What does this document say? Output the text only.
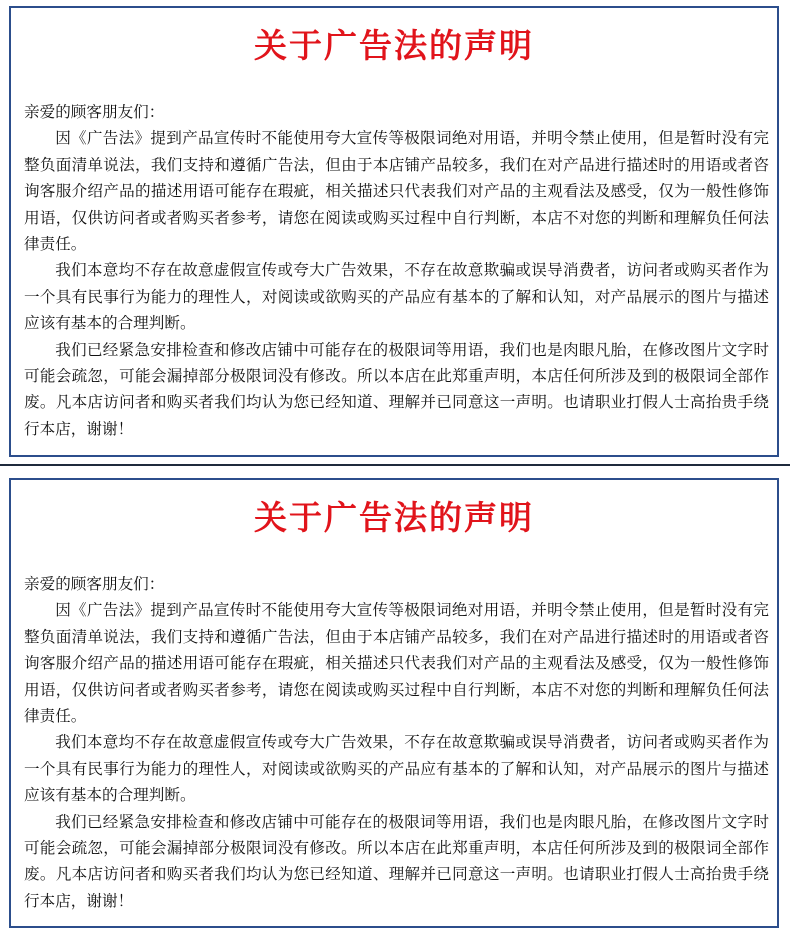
关于广告法的声明

亲爱的顾客朋友们：

因《广告法》提到产品宣传时不能使用夸大宣传等极限词绝对用语，并明令禁止使用，但是暂时没有完整负面清单说法，我们支持和遵循广告法，但由于本店铺产品较多，我们在对产品进行描述时的用语或者咨询客服介绍产品的描述用语可能存在瑕疵，相关描述只代表我们对产品的主观看法及感受，仅为一般性修饰用语，仅供访问者或者购买者参考，请您在阅读或购买过程中自行判断，本店不对您的判断和理解负任何法律责任。

我们本意均不存在故意虚假宣传或夸大广告效果，不存在故意欺骗或误导消费者，访问者或购买者作为一个具有民事行为能力的理性人，对阅读或欲购买的产品应有基本的了解和认知，对产品展示的图片与描述应该有基本的合理判断。

我们已经紧急安排检查和修改店铺中可能存在的极限词等用语，我们也是肉眼凡胎，在修改图片文字时可能会疏忽，可能会漏掉部分极限词没有修改。所以本店在此郑重声明，本店任何所涉及到的极限词全部作废。凡本店访问者和购买者我们均认为您已经知道、理解并已同意这一声明。也请职业打假人士高抬贵手绕行本店，谢谢！

关于广告法的声明

亲爱的顾客朋友们：

因《广告法》提到产品宣传时不能使用夸大宣传等极限词绝对用语，并明令禁止使用，但是暂时没有完整负面清单说法，我们支持和遵循广告法，但由于本店铺产品较多，我们在对产品进行描述时的用语或者咨询客服介绍产品的描述用语可能存在瑕疵，相关描述只代表我们对产品的主观看法及感受，仅为一般性修饰用语，仅供访问者或者购买者参考，请您在阅读或购买过程中自行判断，本店不对您的判断和理解负任何法律责任。

我们本意均不存在故意虚假宣传或夸大广告效果，不存在故意欺骗或误导消费者，访问者或购买者作为一个具有民事行为能力的理性人，对阅读或欲购买的产品应有基本的了解和认知，对产品展示的图片与描述应该有基本的合理判断。

我们已经紧急安排检查和修改店铺中可能存在的极限词等用语，我们也是肉眼凡胎，在修改图片文字时可能会疏忽，可能会漏掉部分极限词没有修改。所以本店在此郑重声明，本店任何所涉及到的极限词全部作废。凡本店访问者和购买者我们均认为您已经知道、理解并已同意这一声明。也请职业打假人士高抬贵手绕行本店，谢谢！
